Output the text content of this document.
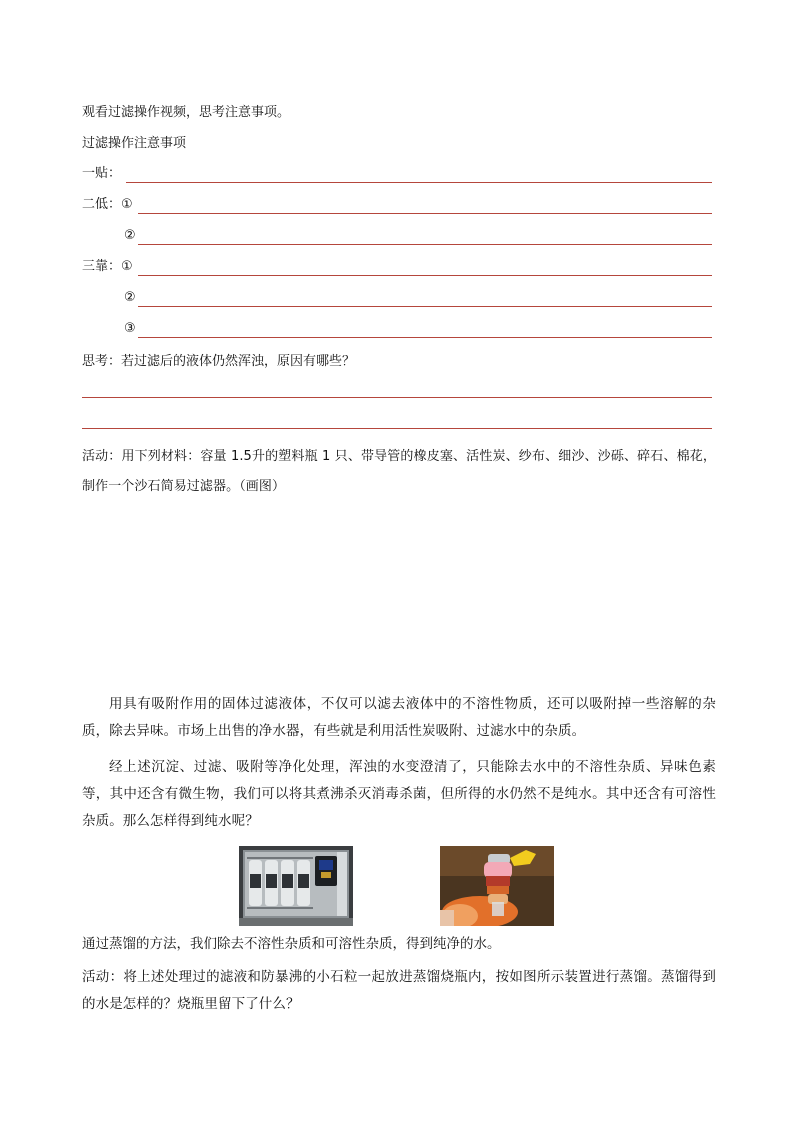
观看过滤操作视频，思考注意事项。
过滤操作注意事项
一贴：
二低：①
②
三靠：①
②
③
思考：若过滤后的液体仍然浑浊，原因有哪些？
活动：用下列材料：容量 1.5升的塑料瓶 1 只、带导管的橡皮塞、活性炭、纱布、细沙、沙砾、碎石、棉花，制作一个沙石简易过滤器。（画图）
用具有吸附作用的固体过滤液体，不仅可以滤去液体中的不溶性物质，还可以吸附掉一些溶解的杂质，除去异味。市场上出售的净水器，有些就是利用活性炭吸附、过滤水中的杂质。
经上述沉淀、过滤、吸附等净化处理，浑浊的水变澄清了，只能除去水中的不溶性杂质、异味色素等，其中还含有微生物，我们可以将其煮沸杀灭消毒杀菌，但所得的水仍然不是纯水。其中还含有可溶性杂质。那么怎样得到纯水呢？
通过蒸馏的方法，我们除去不溶性杂质和可溶性杂质，得到纯净的水。
活动：将上述处理过的滤液和防暴沸的小石粒一起放进蒸馏烧瓶内，按如图所示装置进行蒸馏。蒸馏得到的水是怎样的？烧瓶里留下了什么？
